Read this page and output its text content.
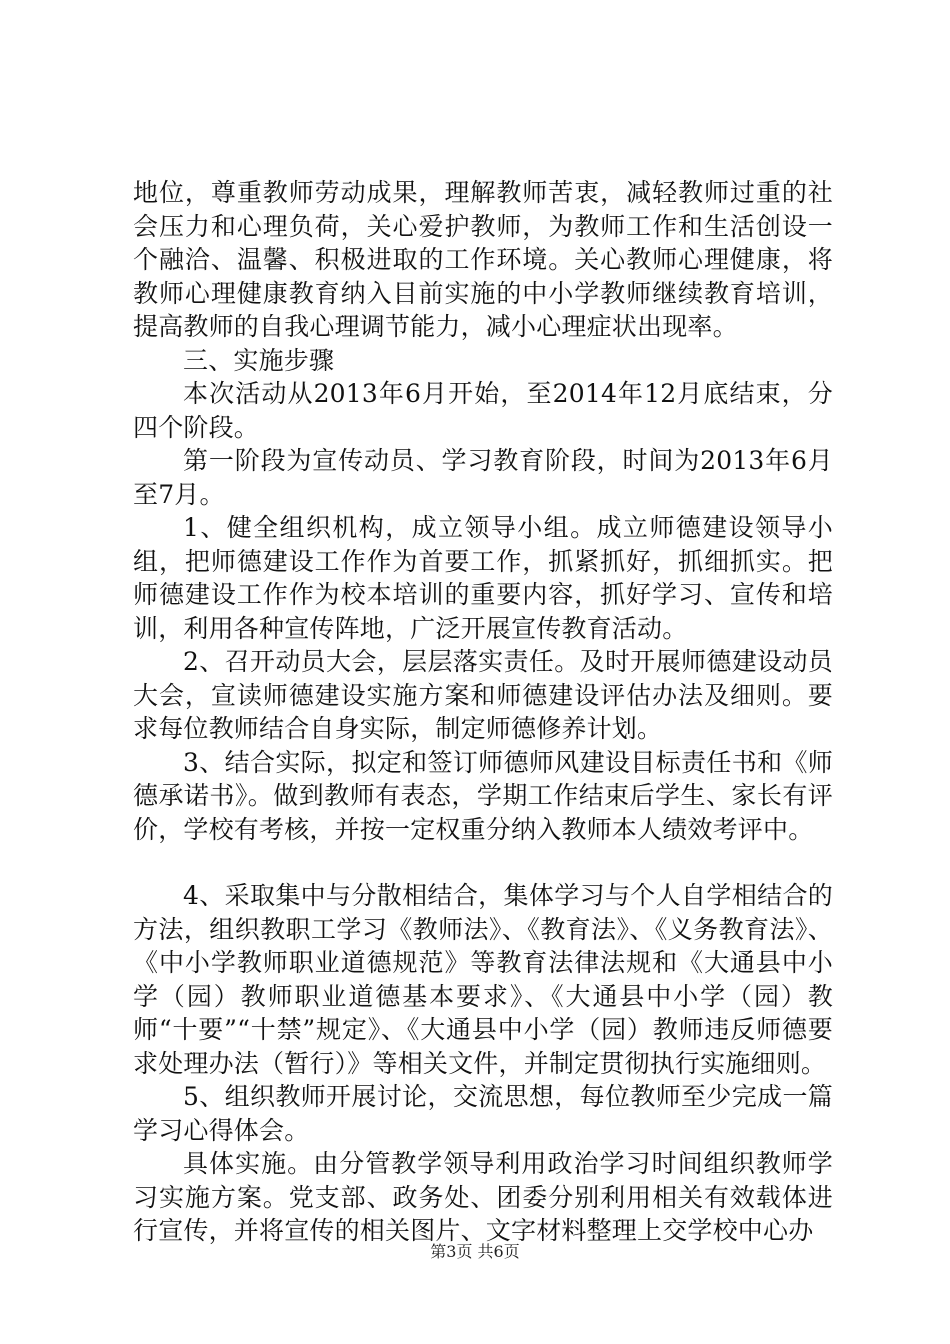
地位，尊重教师劳动成果，理解教师苦衷，减轻教师过重的社会压力和心理负荷，关心爱护教师，为教师工作和生活创设一个融洽、温馨、积极进取的工作环境。关心教师心理健康，将教师心理健康教育纳入目前实施的中小学教师继续教育培训，提高教师的自我心理调节能力，减小心理症状出现率。

三、实施步骤

本次活动从2013年6月开始，至2014年12月底结束，分四个阶段。

第一阶段为宣传动员、学习教育阶段，时间为2013年6月至7月。

1、健全组织机构，成立领导小组。成立师德建设领导小组，把师德建设工作作为首要工作，抓紧抓好，抓细抓实。把师德建设工作作为校本培训的重要内容，抓好学习、宣传和培训，利用各种宣传阵地，广泛开展宣传教育活动。

2、召开动员大会，层层落实责任。及时开展师德建设动员大会，宣读师德建设实施方案和师德建设评估办法及细则。要求每位教师结合自身实际，制定师德修养计划。

3、结合实际，拟定和签订师德师风建设目标责任书和《师德承诺书》。做到教师有表态，学期工作结束后学生、家长有评价，学校有考核，并按一定权重分纳入教师本人绩效考评中。

4、采取集中与分散相结合，集体学习与个人自学相结合的方法，组织教职工学习《教师法》、《教育法》、《义务教育法》、《中小学教师职业道德规范》等教育法律法规和《大通县中小学（园）教师职业道德基本要求》、《大通县中小学（园）教师“十要”“十禁”规定》、《大通县中小学（园）教师违反师德要求处理办法（暂行）》等相关文件，并制定贯彻执行实施细则。

5、组织教师开展讨论，交流思想，每位教师至少完成一篇学习心得体会。

具体实施。由分管教学领导利用政治学习时间组织教师学习实施方案。党支部、政务处、团委分别利用相关有效载体进行宣传，并将宣传的相关图片、文字材料整理上交学校中心办

第3页 共6页
